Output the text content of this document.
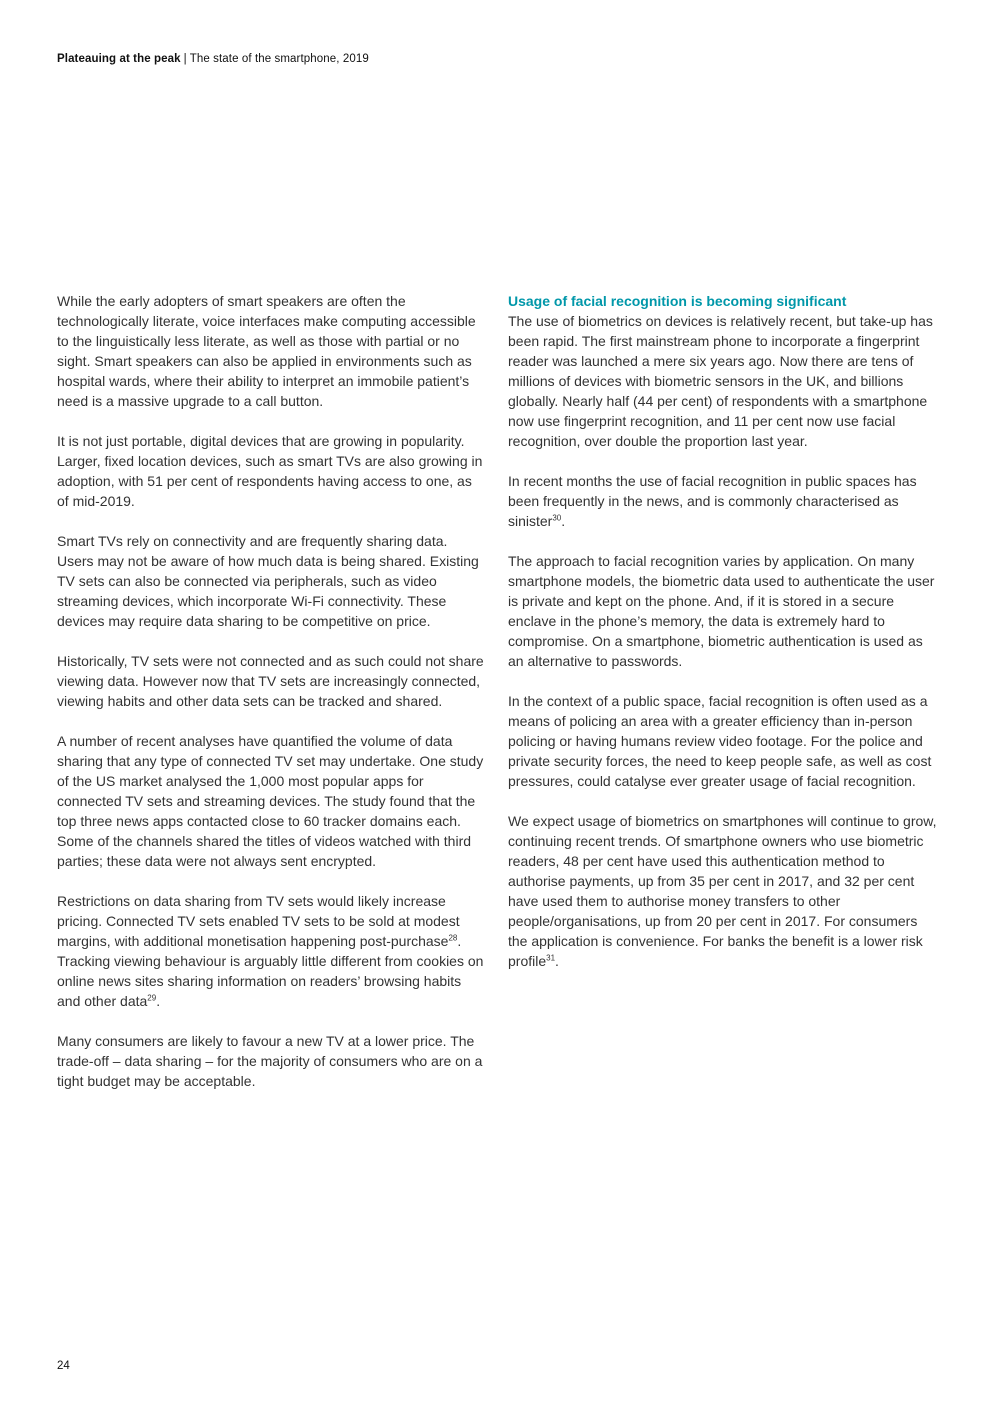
Plateauing at the peak | The state of the smartphone, 2019

While the early adopters of smart speakers are often the technologically literate, voice interfaces make computing accessible to the linguistically less literate, as well as those with partial or no sight. Smart speakers can also be applied in environments such as hospital wards, where their ability to interpret an immobile patient’s need is a massive upgrade to a call button.

It is not just portable, digital devices that are growing in popularity. Larger, fixed location devices, such as smart TVs are also growing in adoption, with 51 per cent of respondents having access to one, as of mid-2019.

Smart TVs rely on connectivity and are frequently sharing data. Users may not be aware of how much data is being shared. Existing TV sets can also be connected via peripherals, such as video streaming devices, which incorporate Wi-Fi connectivity. These devices may require data sharing to be competitive on price.

Historically, TV sets were not connected and as such could not share viewing data. However now that TV sets are increasingly connected, viewing habits and other data sets can be tracked and shared.

A number of recent analyses have quantified the volume of data sharing that any type of connected TV set may undertake. One study of the US market analysed the 1,000 most popular apps for connected TV sets and streaming devices. The study found that the top three news apps contacted close to 60 tracker domains each. Some of the channels shared the titles of videos watched with third parties; these data were not always sent encrypted.

Restrictions on data sharing from TV sets would likely increase pricing. Connected TV sets enabled TV sets to be sold at modest margins, with additional monetisation happening post-purchase$^{28}$. Tracking viewing behaviour is arguably little different from cookies on online news sites sharing information on readers’ browsing habits and other data$^{29}$.

Many consumers are likely to favour a new TV at a lower price. The trade-off – data sharing – for the majority of consumers who are on a tight budget may be acceptable.

Usage of facial recognition is becoming significant

The use of biometrics on devices is relatively recent, but take-up has been rapid. The first mainstream phone to incorporate a fingerprint reader was launched a mere six years ago. Now there are tens of millions of devices with biometric sensors in the UK, and billions globally. Nearly half (44 per cent) of respondents with a smartphone now use fingerprint recognition, and 11 per cent now use facial recognition, over double the proportion last year.

In recent months the use of facial recognition in public spaces has been frequently in the news, and is commonly characterised as sinister$^{30}$.

The approach to facial recognition varies by application. On many smartphone models, the biometric data used to authenticate the user is private and kept on the phone. And, if it is stored in a secure enclave in the phone’s memory, the data is extremely hard to compromise. On a smartphone, biometric authentication is used as an alternative to passwords.

In the context of a public space, facial recognition is often used as a means of policing an area with a greater efficiency than in-person policing or having humans review video footage. For the police and private security forces, the need to keep people safe, as well as cost pressures, could catalyse ever greater usage of facial recognition.

We expect usage of biometrics on smartphones will continue to grow, continuing recent trends. Of smartphone owners who use biometric readers, 48 per cent have used this authentication method to authorise payments, up from 35 per cent in 2017, and 32 per cent have used them to authorise money transfers to other people/organisations, up from 20 per cent in 2017. For consumers the application is convenience. For banks the benefit is a lower risk profile$^{31}$.

24
